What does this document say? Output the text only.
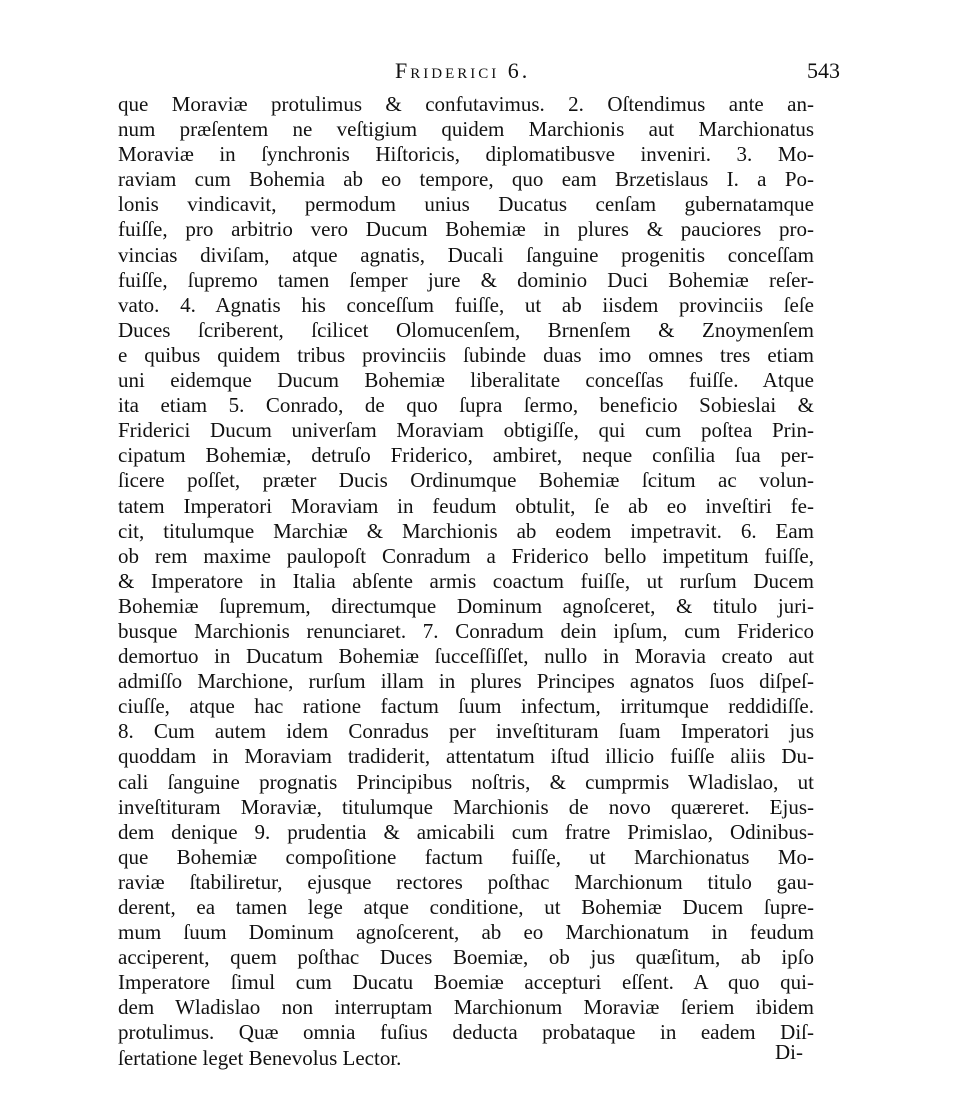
Friderici 6.	543
que Moraviæ protulimus & confutavimus. 2. Oſtendimus ante an-
num præſentem ne veſtigium quidem Marchionis aut Marchionatus
Moraviæ in ſynchronis Hiſtoricis, diplomatibusve inveniri. 3. Mo-
raviam cum Bohemia ab eo tempore, quo eam Brzetislaus I. a Po-
lonis vindicavit, permodum unius Ducatus cenſam gubernatamque
fuiſſe, pro arbitrio vero Ducum Bohemiæ in plures & pauciores pro-
vincias diviſam, atque agnatis, Ducali ſanguine progenitis conceſſam
fuiſſe, ſupremo tamen ſemper jure & dominio Duci Bohemiæ reſer-
vato. 4. Agnatis his conceſſum fuiſſe, ut ab iisdem provinciis ſeſe
Duces ſcriberent, ſcilicet Olomucenſem, Brnenſem & Znoymenſem
e quibus quidem tribus provinciis ſubinde duas imo omnes tres etiam
uni eidemque Ducum Bohemiæ liberalitate conceſſas fuiſſe. Atque
ita etiam 5. Conrado, de quo ſupra ſermo, beneficio Sobieslai &
Friderici Ducum univerſam Moraviam obtigiſſe, qui cum poſtea Prin-
cipatum Bohemiæ, detruſo Friderico, ambiret, neque conſilia ſua per-
ſicere poſſet, præter Ducis Ordinumque Bohemiæ ſcitum ac volun-
tatem Imperatori Moraviam in feudum obtulit, ſe ab eo inveſtiri fe-
cit, titulumque Marchiæ & Marchionis ab eodem impetravit. 6. Eam
ob rem maxime paulopoſt Conradum a Friderico bello impetitum fuiſſe,
& Imperatore in Italia abſente armis coactum fuiſſe, ut rurſum Ducem
Bohemiæ ſupremum, directumque Dominum agnoſceret, & titulo juri-
busque Marchionis renunciaret. 7. Conradum dein ipſum, cum Friderico
demortuo in Ducatum Bohemiæ ſucceſſiſſet, nullo in Moravia creato aut
admiſſo Marchione, rurſum illam in plures Principes agnatos ſuos diſpeſ-
ciuſſe, atque hac ratione factum ſuum infectum, irritumque reddidiſſe.
8. Cum autem idem Conradus per inveſtituram ſuam Imperatori jus
quoddam in Moraviam tradiderit, attentatum iſtud illicio fuiſſe aliis Du-
cali ſanguine prognatis Principibus noſtris, & cumprmis Wladislao, ut
inveſtituram Moraviæ, titulumque Marchionis de novo quæreret. Ejus-
dem denique 9. prudentia & amicabili cum fratre Primislao, Odinibus-
que Bohemiæ compoſitione factum fuiſſe, ut Marchionatus Mo-
raviæ ſtabiliretur, ejusque rectores poſthac Marchionum titulo gau-
derent, ea tamen lege atque conditione, ut Bohemiæ Ducem ſupre-
mum ſuum Dominum agnoſcerent, ab eo Marchionatum in feudum
acciperent, quem poſthac Duces Boemiæ, ob jus quæſitum, ab ipſo
Imperatore ſimul cum Ducatu Boemiæ accepturi eſſent. A quo qui-
dem Wladislao non interruptam Marchionum Moraviæ ſeriem ibidem
protulimus. Quæ omnia fuſius deducta probataque in eadem Diſ-
ſertatione leget Benevolus Lector.	Di-
